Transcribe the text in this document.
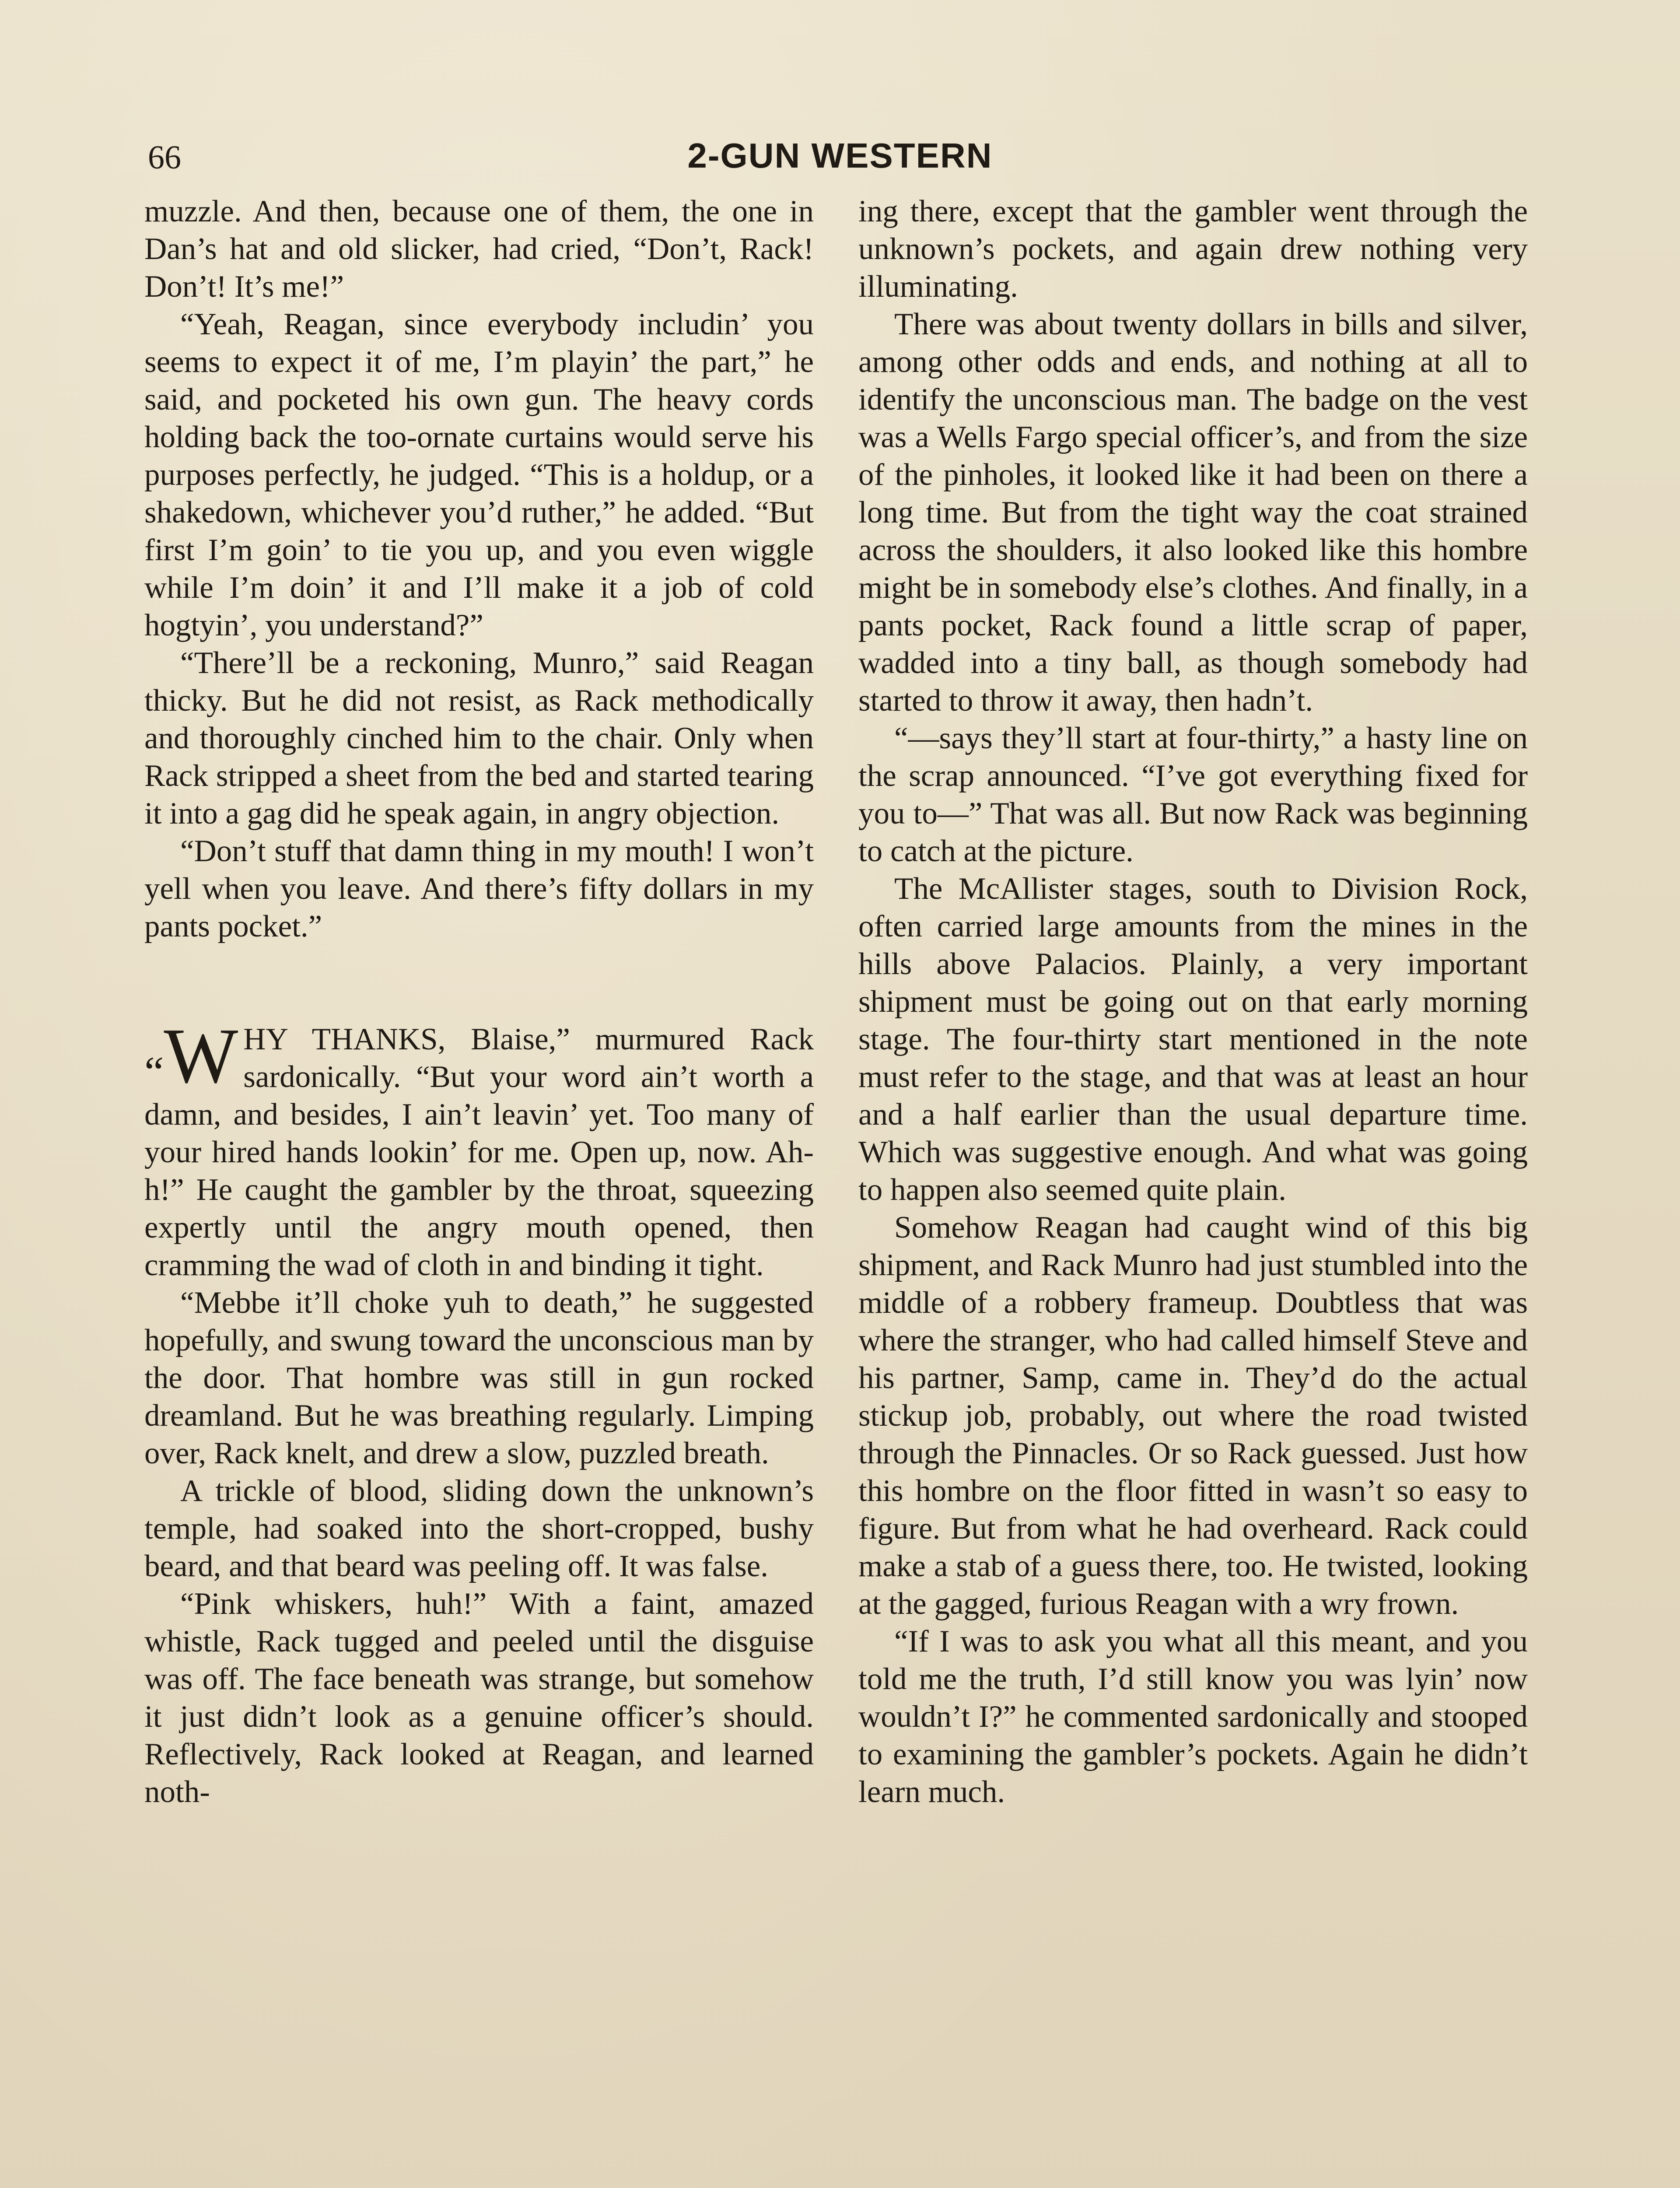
66	2-GUN WESTERN

muzzle. And then, because one of them, the one in Dan’s hat and old slicker, had cried, “Don’t, Rack! Don’t! It’s me!”

“Yeah, Reagan, since everybody includin’ you seems to expect it of me, I’m playin’ the part,” he said, and pocketed his own gun. The heavy cords holding back the too-ornate curtains would serve his purposes perfectly, he judged. “This is a holdup, or a shakedown, whichever you’d ruther,” he added. “But first I’m goin’ to tie you up, and you even wiggle while I’m doin’ it and I’ll make it a job of cold hogtyin’, you understand?”

“There’ll be a reckoning, Munro,” said Reagan thicky. But he did not resist, as Rack methodically and thoroughly cinched him to the chair. Only when Rack stripped a sheet from the bed and started tearing it into a gag did he speak again, in angry objection.

“Don’t stuff that damn thing in my mouth! I won’t yell when you leave. And there’s fifty dollars in my pants pocket.”

“W HY THANKS, Blaise,” murmured Rack sardonically. “But your word ain’t worth a damn, and besides, I ain’t leavin’ yet. Too many of your hired hands lookin’ for me. Open up, now. Ah-h!” He caught the gambler by the throat, squeezing expertly until the angry mouth opened, then cramming the wad of cloth in and binding it tight.

“Mebbe it’ll choke yuh to death,” he suggested hopefully, and swung toward the unconscious man by the door. That hombre was still in gun rocked dreamland. But he was breathing regularly. Limping over, Rack knelt, and drew a slow, puzzled breath.

A trickle of blood, sliding down the unknown’s temple, had soaked into the short-cropped, bushy beard, and that beard was peeling off. It was false.

“Pink whiskers, huh!” With a faint, amazed whistle, Rack tugged and peeled until the disguise was off. The face beneath was strange, but somehow it just didn’t look as a genuine officer’s should. Reflectively, Rack looked at Reagan, and learned noth-

ing there, except that the gambler went through the unknown’s pockets, and again drew nothing very illuminating.

There was about twenty dollars in bills and silver, among other odds and ends, and nothing at all to identify the unconscious man. The badge on the vest was a Wells Fargo special officer’s, and from the size of the pinholes, it looked like it had been on there a long time. But from the tight way the coat strained across the shoulders, it also looked like this hombre might be in somebody else’s clothes. And finally, in a pants pocket, Rack found a little scrap of paper, wadded into a tiny ball, as though somebody had started to throw it away, then hadn’t.

“—says they’ll start at four-thirty,” a hasty line on the scrap announced. “I’ve got everything fixed for you to—” That was all. But now Rack was beginning to catch at the picture.

The McAllister stages, south to Division Rock, often carried large amounts from the mines in the hills above Palacios. Plainly, a very important shipment must be going out on that early morning stage. The four-thirty start mentioned in the note must refer to the stage, and that was at least an hour and a half earlier than the usual departure time. Which was suggestive enough. And what was going to happen also seemed quite plain.

Somehow Reagan had caught wind of this big shipment, and Rack Munro had just stumbled into the middle of a robbery frameup. Doubtless that was where the stranger, who had called himself Steve and his partner, Samp, came in. They’d do the actual stickup job, probably, out where the road twisted through the Pinnacles. Or so Rack guessed. Just how this hombre on the floor fitted in wasn’t so easy to figure. But from what he had overheard. Rack could make a stab of a guess there, too. He twisted, looking at the gagged, furious Reagan with a wry frown.

“If I was to ask you what all this meant, and you told me the truth, I’d still know you was lyin’ now wouldn’t I?” he commented sardonically and stooped to examining the gambler’s pockets. Again he didn’t learn much.
